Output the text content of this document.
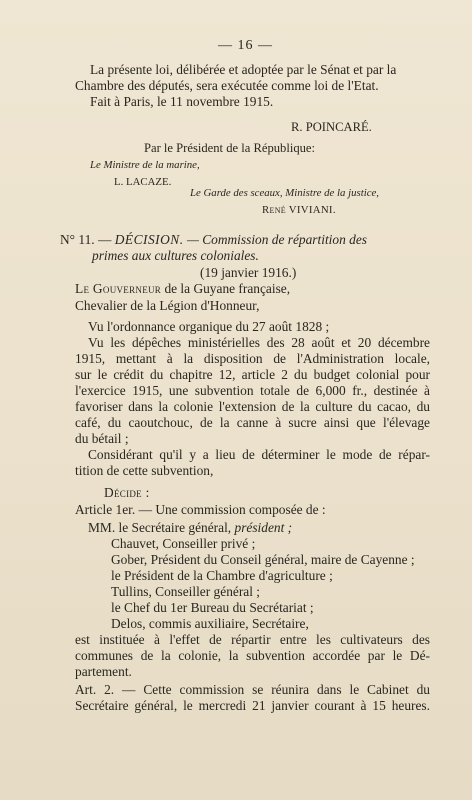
— 16 —
La présente loi, délibérée et adoptée par le Sénat et par la
Chambre des députés, sera exécutée comme loi de l'Etat.
Fait à Paris, le 11 novembre 1915.
R. POINCARÉ.
Par le Président de la République:
Le Ministre de la marine,
L. LACAZE.
Le Garde des sceaux, Ministre de la justice,
René VIVIANI.
N° 11. — DÉCISION. — Commission de répartition des
primes aux cultures coloniales.
(19 janvier 1916.)
Le Gouverneur de la Guyane française,
Chevalier de la Légion d'Honneur,
Vu l'ordonnance organique du 27 août 1828 ;
Vu les dépêches ministérielles des 28 août et 20 décembre
1915, mettant à la disposition de l'Administration locale,
sur le crédit du chapitre 12, article 2 du budget colonial pour
l'exercice 1915, une subvention totale de 6,000 fr., destinée à
favoriser dans la colonie l'extension de la culture du cacao, du
café, du caoutchouc, de la canne à sucre ainsi que l'élevage
du bétail ;
Considérant qu'il y a lieu de déterminer le mode de répar-
tition de cette subvention,
Décide :
Article 1er. — Une commission composée de :
MM. le Secrétaire général, président ;
Chauvet, Conseiller privé ;
Gober, Président du Conseil général, maire de Cayenne ;
le Président de la Chambre d'agriculture ;
Tullins, Conseiller général ;
le Chef du 1er Bureau du Secrétariat ;
Delos, commis auxiliaire, Secrétaire,
est instituée à l'effet de répartir entre les cultivateurs des
communes de la colonie, la subvention accordée par le Dé-
partement.
Art. 2. — Cette commission se réunira dans le Cabinet du
Secrétaire général, le mercredi 21 janvier courant à 15 heures.
